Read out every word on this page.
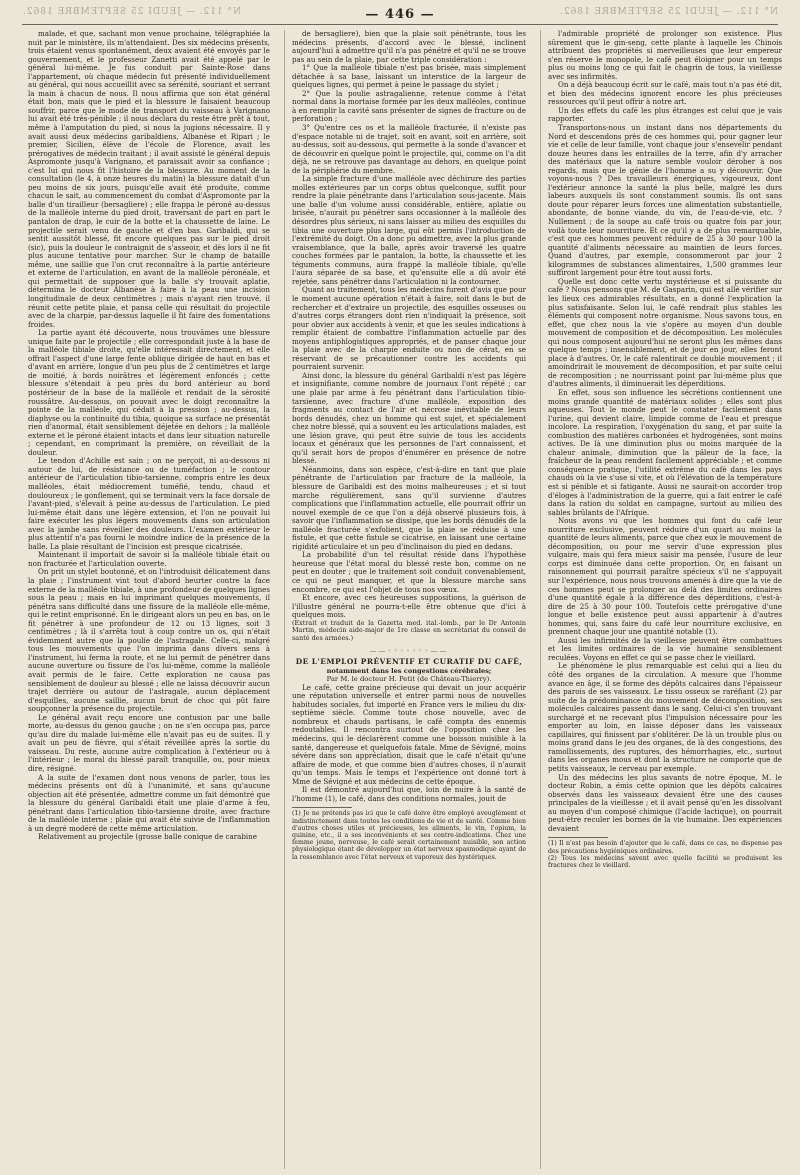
N° 112. — JEUDI 25 SEPTEMBRE 1862.	— 446 —	N° 112. — JEUDI 25 SEPTEMBRE 1862.

malade, et que, sachant mon venue prochaine, télégraphiée la nuit par le ministère, ils m'attendaient. Des six médecins présents, trois étaient venus spontanément, deux avaient été envoyés par le gouvernement, et le professeur Zanetti avait été appelé par le général lui-même. Je fus conduit par Sainte-Rose dans l'appartement, où chaque médecin fut présenté individuellement au général, qui nous accueillit avec sa sérénité, souriant et serrant la main à chacun de nous. Il nous affirma que son état général était bon, mais que le pied et la blessure le faisaient beaucoup souffrir, parce que le mode de transport du vaisseau à Varignano lui avait été très-pénible ; il nous déclara du reste être prêt à tout, même à l'amputation du pied, si nous la jugions nécessaire. Il y avait aussi deux médecins garibaldiens, Albanèse et Ripari ; le premier, Sicilien, élève de l'école de Florence, avait les prérogatives de médecin traitant ; il avait assisté le général depuis Aspromonte jusqu'à Varignano, et paraissait avoir sa confiance ; c'est lui qui nous fit l'histoire de la blessure. Au moment de la consultation (le 4, à onze heures du matin) la blessure datait d'un peu moins de six jours, puisqu'elle avait été produite, comme chacun le sait, au commencement du combat d'Aspromonte par la balle d'un tirailleur (bersagliere) ; elle frappa le péroné au-dessus de la malléole interne du pied droit, traversant de part en part le pantalon de drap, le cuir de la botte et la chaussette de laine. Le projectile serait venu de gauche et d'en bas. Garibaldi, qui se sentit aussitôt blessé, fit encore quelques pas sur le pied droit (sic), puis la douleur le contraignit de s'asseoir, et dès lors il ne fit plus aucune tentative pour marcher. Sur le champ de bataille même, une saillie que l'on crut reconnaître à la partie antérieure et externe de l'articulation, en avant de la malléole péronéale, et qui permettait de supposer que la balle s'y trouvait aplatie, détermina le docteur Albanèse à faire à la peau une incision longitudinale de deux centimètres ; mais n'ayant rien trouvé, il réunit cette petite plaie, et pansa celle qui résultait du projectile avec de la charpie, par-dessus laquelle il fit faire des fomentations froides.

La partie ayant été découverte, nous trouvâmes une blessure unique faite par le projectile ; elle correspondait juste à la base de la malléole tibiale droite, qu'elle intéressait directement, et elle offrait l'aspect d'une large fente oblique dirigée de haut en bas et d'avant en arrière, longue d'un peu plus de 2 centimètres et large de moitié, à bords noirâtres et légèrement enfoncés ; cette blessure s'étendait à peu près du bord antérieur au bord postérieur de la base de la malléole et rendait de la sérosité roussâtre. Au-dessous, on pouvait avec le doigt reconnaître la pointe de la malléole, qui cédait à la pression ; au-dessus, la diaphyse ou la continuité du tibia, quoique sa surface ne présentât rien d'anormal, était sensiblement déjetée en dehors ; la malléole externe et le péroné étaient intacts et dans leur situation naturelle ; cependant, en comprimant la première, on réveillait de la douleur.

Le tendon d'Achille est sain ; on ne perçoit, ni au-dessous ni autour de lui, de résistance ou de tuméfaction ; le contour antérieur de l'articulation tibio-tarsienne, compris entre les deux malléoles, était médiocrement tuméfié, tendu, chaud et douloureux ; le gonflement, qui se terminait vers la face dorsale de l'avant-pied, s'élevait à peine au-dessus de l'articulation. Le pied lui-même était dans une légère extension, et l'on ne pouvait lui faire exécuter les plus légers mouvements dans son articulation avec la jambe sans réveiller des douleurs. L'examen extérieur le plus attentif n'a pas fourni le moindre indice de la présence de la balle. La plaie résultant de l'incision est presque cicatrisée.

Maintenant il importait de savoir si la malléole tibiale était ou non fracturée et l'articulation ouverte.

On prit un stylet boutonné, et on l'introduisit délicatement dans la plaie ; l'instrument vint tout d'abord heurter contre la face externe de la malléole tibiale, à une profondeur de quelques lignes sous la peau ; mais en lui imprimant quelques mouvements, il pénétra sans difficulté dans une fissure de la malléole elle-même, qui le retint emprisonné. En le dirigeant alors un peu en bas, on le fit pénétrer à une profondeur de 12 ou 13 lignes, soit 3 centimètres ; là il s'arrêta tout à coup contre un os, qui n'était évidemment autre que la poulie de l'astragale. Celle-ci, malgré tous les mouvements que l'on imprima dans divers sens à l'instrument, lui ferma la route, et ne lui permit de pénétrer dans aucune ouverture ou fissure de l'os lui-même, comme la malléole avait permis de le faire. Cette exploration ne causa pas sensiblement de douleur au blessé ; elle ne laissa découvrir aucun trajet derrière ou autour de l'astragale, aucun déplacement d'esquilles, aucune saillie, aucun bruit de choc qui pût faire soupçonner la présence du projectile.

Le général avait reçu encore une contusion par une balle morte, au-dessus du genou gauche ; on ne s'en occupa pas, parce qu'au dire du malade lui-même elle n'avait pas eu de suites. Il y avait un peu de fièvre, qui s'était réveillée après la sortie du vaisseau. Du reste, aucune autre complication à l'extérieur ou à l'intérieur ; le moral du blessé paraît tranquille, ou, pour mieux dire, résigné.

A la suite de l'examen dont nous venons de parler, tous les médecins présents ont dû à l'unanimité, et sans qu'aucune objection ait été présentée, admettre comme un fait démontré que la blessure du général Garibaldi était une plaie d'arme à feu, pénétrant dans l'articulation tibio-tarsienne droite, avec fracture de la malléole interne ; plaie qui avait été suivie de l'inflammation à un degré modéré de cette même articulation.

Relativement au projectile (grosse balle conique de carabine

de bersagliere), bien que la plaie soit pénétrante, tous les médecins présents, d'accord avec le blessé, inclinent aujourd'hui à admettre qu'il n'a pas pénétré et qu'il ne se trouve pas au sein de la plaie, par cette triple considération :

1° Que la malléole tibiale n'est pas brisée, mais simplement détachée à sa base, laissant un interstice de la largeur de quelques lignes, qui permet à peine le passage du stylet ;

2° Que la poulie astragalienne, retenue comme à l'état normal dans la mortaise formée par les deux malléoles, continue à en remplir la cavité sans présenter de signes de fracture ou de perforation ;

3° Qu'entre ces os et la malléole fracturée, il n'existe pas d'espace notable ni de trajet, soit en avant, soit en arrière, soit au-dessus, soit au-dessous, qui permette à la sonde d'avancer et de découvrir en quelque point le projectile, qui, comme on l'a dit déjà, ne se retrouve pas davantage au dehors, en quelque point de la périphérie du membre.

La simple fracture d'une malléole avec déchirure des parties molles extérieures par un corps obtus quelconque, suffit pour rendre la plaie pénétrante dans l'articulation sous-jacente. Mais une balle d'un volume aussi considérable, entière, aplatie ou brisée, n'aurait pu pénétrer sans occasionner à la malléole des désordres plus sérieux, ni sans laisser au milieu des esquilles du tibia une ouverture plus large, qui eût permis l'introduction de l'extrémité du doigt. On a donc pu admettre, avec la plus grande vraisemblance, que la balle, après avoir traversé les quatre couches formées par le pantalon, la botte, la chaussette et les téguments communs, aura frappé la malléole tibiale, qu'elle l'aura séparée de sa base, et qu'ensuite elle a dû avoir été rejetée, sans pénétrer dans l'articulation ni la contourner.

Quant au traitement, tous les médecins furent d'avis que pour le moment aucune opération n'était à faire, soit dans le but de rechercher et d'extraire un projectile, des esquilles osseuses ou d'autres corps étrangers dont rien n'indiquait la présence, soit pour obvier aux accidents à venir, et que les seules indications à remplir étaient de combattre l'inflammation actuelle par des moyens antiphlogistiques appropriés, et de panser chaque jour la plaie avec de la charpie enduite ou non de cérat, en se réservant de se précautionner contre les accidents qui pourraient survenir.

Ainsi donc, la blessure du général Garibaldi n'est pas légère et insignifiante, comme nombre de journaux l'ont répété ; car une plaie par arme à feu pénétrant dans l'articulation tibio-tarsienne, avec fracture d'une malléole, exposition des fragments au contact de l'air et nécrose inévitable de leurs bords dénudés, chez un homme qui est sujet, et spécialement chez notre blessé, qui a souvent eu les articulations malades, est une lésion grave, qui peut être suivie de tous les accidents locaux et généraux que les personnes de l'art connaissent, et qu'il serait hors de propos d'énumérer en présence de notre blessé.

Néanmoins, dans son espèce, c'est-à-dire en tant que plaie pénétrante de l'articulation par fracture de la malléole, la blessure de Garibaldi est des moins malheureuses ; et si tout marche régulièrement, sans qu'il survienne d'autres complications que l'inflammation actuelle, elle pourrait offrir un nouvel exemple de ce que l'on a déjà observé plusieurs fois, à savoir que l'inflammation se dissipe, que les bords dénudés de la malléole fracturée s'exfolient, que la plaie se réduise à une fistule, et que cette fistule se cicatrise, en laissant une certaine rigidité articulaire et un peu d'inclinaison du pied en dedans.

La probabilité d'un tel résultat réside dans l'hypothèse heureuse que l'état moral du blessé reste bon, comme on ne peut en douter ; que le traitement soit conduit convenablement, ce qui ne peut manquer, et que la blessure marche sans encombre, ce qui est l'objet de tous nos vœux.

Et encore, avec ces heureuses suppositions, la guérison de l'illustre général ne pourra-t-elle être obtenue que d'ici à quelques mois.

(Extrait et traduit de la Gazetta med. ital.-lomb., par le Dr Antonin Martin, médecin aide-major de 1re classe en secrétariat du conseil de santé des armées.)

——◦◦◦◦◦◦◦——

DE L'EMPLOI PRÉVENTIF ET CURATIF DU CAFÉ,

notamment dans les congestions cérébrales;

Par M. le docteur H. Petit (de Château-Thierry).

Le café, cette graine précieuse qui devait un jour acquérir une réputation universelle et entrer parmi nous de nouvelles habitudes sociales, fut importé en France vers le milieu du dix-septième siècle. Comme toute chose nouvelle, avec de nombreux et chauds partisans, le café compta des ennemis redoutables. Il rencontra surtout de l'opposition chez les médecins, qui le déclarèrent comme une boisson nuisible à la santé, dangereuse et quelquefois fatale. Mme de Sévigné, moins sévère dans son appréciation, disait que le café n'était qu'une affaire de mode, et que comme bien d'autres choses, il n'aurait qu'un temps. Mais le temps et l'expérience ont donné tort à Mme de Sévigné et aux médecins de cette époque.

Il est démontré aujourd'hui que, loin de nuire à la santé de l'homme (1), le café, dans des conditions normales, jouit de

(1) Je ne prétends pas ici que le café doive être employé aveuglément et indistinctement dans toutes les conditions de vie et de santé. Comme bien d'autres choses utiles et précieuses, les aliments, le vin, l'opium, la quinine, etc., il a ses inconvénients et ses contre-indications. Chez une femme jeune, nerveuse, le café serait certainement nuisible, son action physiologique étant de développer un état nerveux spasmodique ayant de la ressemblance avec l'état nerveux et vaporeux des hystériques.

l'admirable propriété de prolonger son existence. Plus sûrement que le gin-seng, cette plante à laquelle les Chinois attribuent des propriétés si merveilleuses que leur empereur s'en réserve le monopole, le café peut éloigner pour un temps plus ou moins long ce qui fait le chagrin de tous, la vieillesse avec ses infirmités.

On a déjà beaucoup écrit sur le café, mais tout n'a pas été dit, et bien des médecins ignorent encore les plus précieuses ressources qu'il peut offrir à notre art.

Un des effets du café les plus étranges est celui que je vais rapporter.

Transportons-nous un instant dans nos départements du Nord et descendons près de ces hommes qui, pour gagner leur vie et celle de leur famille, vont chaque jour s'ensevelir pendant douze heures dans les entrailles de la terre, afin d'y arracher des matériaux que la nature semble vouloir dérober à nos regards, mais que le génie de l'homme a su y découvrir. Que voyons-nous ? Des travailleurs énergiques, vigoureux, dont l'extérieur annonce la santé la plus belle, malgré les durs labeurs auxquels ils sont constamment soumis. Ils ont sans doute pour réparer leurs forces une alimentation substantielle, abondante, de bonne viande, du vin, de l'eau-de-vie, etc. ? Nullement ; de la soupe au café trois ou quatre fois par jour, voilà toute leur nourriture. Et ce qu'il y a de plus remarquable, c'est que ces hommes peuvent réduire de 25 à 30 pour 100 la quantité d'aliments nécessaire au maintien de leurs forces. Quand d'autres, par exemple, consommeront par jour 2 kilogrammes de substances alimentaires, 1,500 grammes leur suffiront largement pour être tout aussi forts.

Quelle est donc cette vertu mystérieuse et si puissante du café ? Nous pensons que M. de Gasparin, qui est allé vérifier sur les lieux ces admirables résultats, en a donné l'explication la plus satisfaisante. Selon lui, le café rendrait plus stables les éléments qui composent notre organisme. Nous savons tous, en effet, que chez nous la vie s'opère au moyen d'un double mouvement de composition et de décomposition. Les molécules qui nous composent aujourd'hui ne seront plus les mêmes dans quelque temps ; insensiblement, et de jour en jour, elles feront place à d'autres. Or, le café ralentirait ce double mouvement ; il amoindrirait le mouvement de décomposition, et par suite celui de recomposition ; ne nourrissant point par lui-même plus que d'autres aliments, il diminuerait les déperditions.

En effet, sous son influence les sécrétions contiennent une moins grande quantité de matériaux solides ; elles sont plus aqueuses. Tout le monde peut le constater facilement dans l'urine, qui devient claire, limpide comme de l'eau et presque incolore. La respiration, l'oxygénation du sang, et par suite la combustion des matières carbonées et hydrogénées, sont moins actives. De là une diminution plus ou moins marquée de la chaleur animale, diminution que la pâleur de la face, la fraîcheur de la peau rendent facilement appréciable ; et comme conséquence pratique, l'utilité extrême du café dans les pays chauds où la vie s'use si vite, et où l'élévation de la température est si pénible et si fatigante. Aussi ne saurait-on accorder trop d'éloges à l'administration de la guerre, qui a fait entrer le café dans la ration du soldat en campagne, surtout au milieu des sables brûlants de l'Afrique.

Nous avons vu que les hommes qui font du café leur nourriture exclusive, peuvent réduire d'un quart au moins la quantité de leurs aliments, parce que chez eux le mouvement de décomposition, ou pour me servir d'une expression plus vulgaire, mais qui fera mieux saisir ma pensée, l'usure de leur corps est diminuée dans cette proportion. Or, en faisant un raisonnement qui pourrait paraître spécieux s'il ne s'appuyait sur l'expérience, nous nous trouvons amenés à dire que la vie de ces hommes peut se prolonger au delà des limites ordinaires d'une quantité égale à la différence des déperditions, c'est-à-dire de 25 à 30 pour 100. Toutefois cette prérogative d'une longue et belle existence peut aussi appartenir à d'autres hommes, qui, sans faire du café leur nourriture exclusive, en prennent chaque jour une quantité notable (1).

Aussi les infirmités de la vieillesse peuvent être combattues et les limites ordinaires de la vie humaine sensiblement reculées. Voyons en effet ce qui se passe chez le vieillard.

Le phénomène le plus remarquable est celui qui a lieu du côté des organes de la circulation. A mesure que l'homme avance en âge, il se forme des dépôts calcaires dans l'épaisseur des parois de ses vaisseaux. Le tissu osseux se raréfiant (2) par suite de la prédominance du mouvement de décomposition, ses molécules calcaires passent dans le sang. Celui-ci s'en trouvant surchargé et ne recevant plus l'impulsion nécessaire pour les emporter au loin, en laisse déposer dans les vaisseaux capillaires, qui finissent par s'oblitérer. De là un trouble plus ou moins grand dans le jeu des organes, de là des congestions, des ramollissements, des ruptures, des hémorrhagies, etc., surtout dans les organes mous et dont la structure ne comporte que de petits vaisseaux, le cerveau par exemple.

Un des médecins les plus savants de notre époque, M. le docteur Robin, a émis cette opinion que les dépôts calcaires observés dans les vaisseaux devaient être une des causes principales de la vieillesse ; et il avait pensé qu'en les dissolvant au moyen d'un composé chimique (l'acide lactique), on pourrait peut-être reculer les bornes de la vie humaine. Des expériences devaient

(1) Il n'est pas besoin d'ajouter que le café, dans ce cas, ne dispense pas des précautions hygiéniques ordinaires.

(2) Tous les médecins savent avec quelle facilité se produisent les fractures chez le vieillard.
